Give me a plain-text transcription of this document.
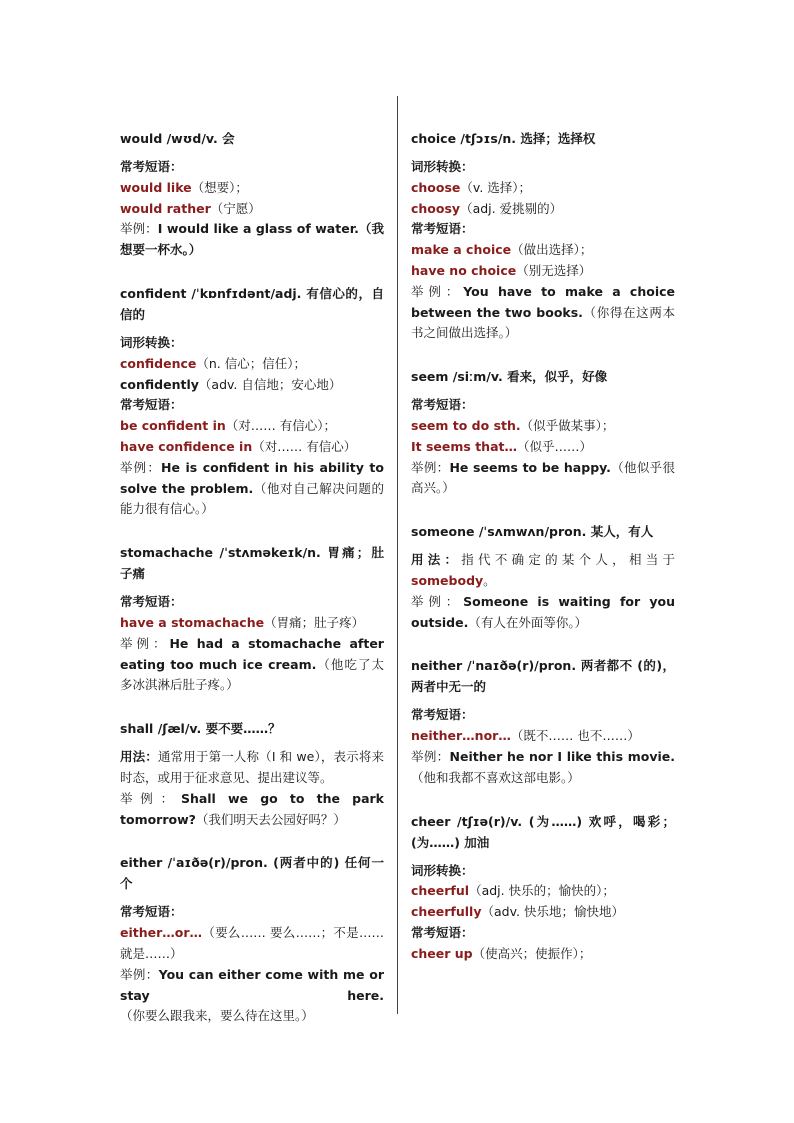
would /wʊd/v. 会
常考短语：
would like（想要）；
would rather（宁愿）
举例：I would like a glass of water.（我想要一杯水。）
confident /ˈkɒnfɪdənt/adj. 有信心的，自信的
词形转换：
confidence（n. 信心；信任）；
confidently（adv. 自信地；安心地）
常考短语：
be confident in（对…… 有信心）；
have confidence in（对…… 有信心）
举例：He is confident in his ability to solve the problem.（他对自己解决问题的能力很有信心。）
stomachache /ˈstʌməkeɪk/n. 胃痛；肚子痛
常考短语：
have a stomachache（胃痛；肚子疼）
举例：He had a stomachache after eating too much ice cream.（他吃了太多冰淇淋后肚子疼。）
shall /ʃæl/v. 要不要……？
用法：通常用于第一人称（I 和 we），表示将来时态，或用于征求意见、提出建议等。
举例：Shall we go to the park tomorrow?（我们明天去公园好吗？）
either /ˈaɪðə(r)/pron. (两者中的) 任何一个
常考短语：
either…or…（要么…… 要么……；不是……就是……）
举例：You can either come with me or stay here.（你要么跟我来，要么待在这里。）
choice /tʃɔɪs/n. 选择；选择权
词形转换：
choose（v. 选择）；
choosy（adj. 爱挑剔的）
常考短语：
make a choice（做出选择）；
have no choice（别无选择）
举例：You have to make a choice between the two books.（你得在这两本书之间做出选择。）
seem /siːm/v. 看来，似乎，好像
常考短语：
seem to do sth.（似乎做某事）；
It seems that…（似乎……）
举例：He seems to be happy.（他似乎很高兴。）
someone /ˈsʌmwʌn/pron. 某人，有人
用法：指代不确定的某个人，相当于somebody。
举例：Someone is waiting for you outside.（有人在外面等你。）
neither /ˈnaɪðə(r)/pron. 两者都不 (的)，两者中无一的
常考短语：
neither…nor…（既不…… 也不……）
举例：Neither he nor I like this movie.（他和我都不喜欢这部电影。）
cheer /tʃɪə(r)/v. (为……) 欢呼，喝彩；(为……) 加油
词形转换：
cheerful（adj. 快乐的；愉快的）；
cheerfully（adv. 快乐地；愉快地）
常考短语：
cheer up（使高兴；使振作）；
